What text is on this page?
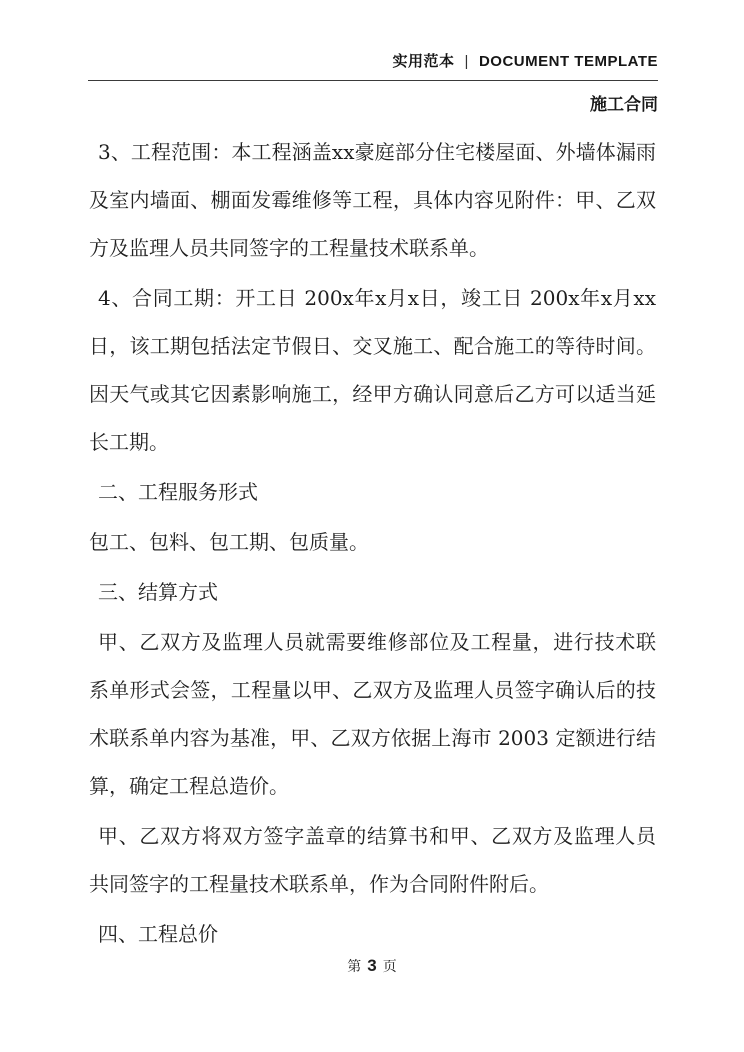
实用范本 | DOCUMENT TEMPLATE
施工合同

3、工程范围：本工程涵盖xx豪庭部分住宅楼屋面、外墙体漏雨及室内墙面、棚面发霉维修等工程，具体内容见附件：甲、乙双方及监理人员共同签字的工程量技术联系单。

4、合同工期：开工日 200x年x月x日，竣工日 200x年x月xx日，该工期包括法定节假日、交叉施工、配合施工的等待时间。因天气或其它因素影响施工，经甲方确认同意后乙方可以适当延长工期。

二、工程服务形式

包工、包料、包工期、包质量。

三、结算方式

甲、乙双方及监理人员就需要维修部位及工程量，进行技术联系单形式会签，工程量以甲、乙双方及监理人员签字确认后的技术联系单内容为基准，甲、乙双方依据上海市 2003 定额进行结算，确定工程总造价。

甲、乙双方将双方签字盖章的结算书和甲、乙双方及监理人员共同签字的工程量技术联系单，作为合同附件附后。

四、工程总价

第 3 页
